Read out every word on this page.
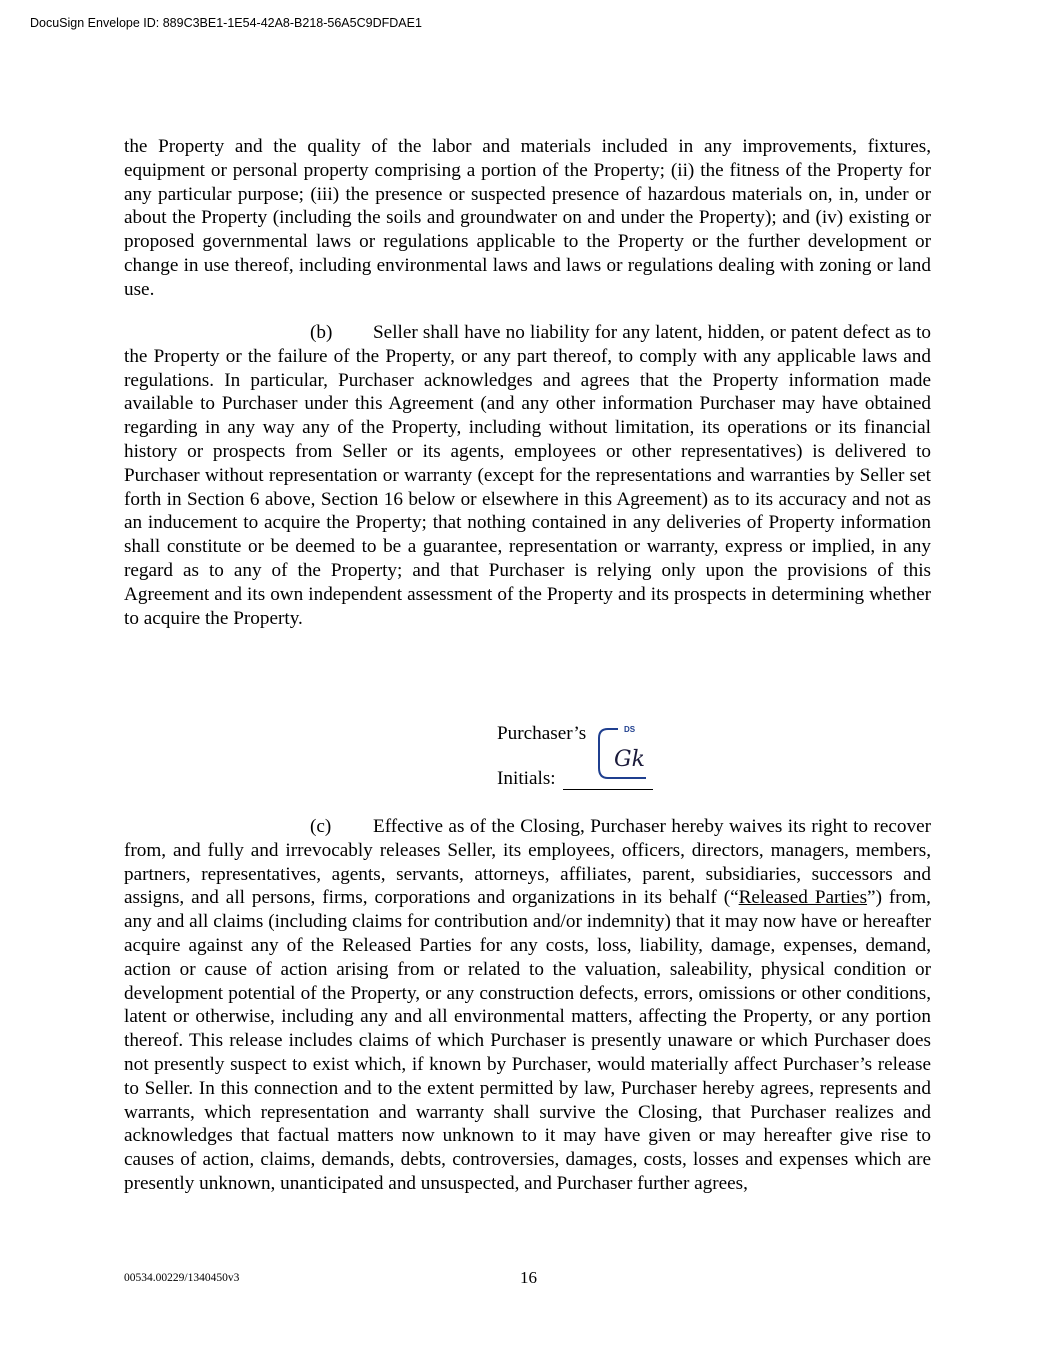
DocuSign Envelope ID: 889C3BE1-1E54-42A8-B218-56A5C9DFDAE1

the Property and the quality of the labor and materials included in any improvements, fixtures, equipment or personal property comprising a portion of the Property; (ii) the fitness of the Property for any particular purpose; (iii) the presence or suspected presence of hazardous materials on, in, under or about the Property (including the soils and groundwater on and under the Property); and (iv) existing or proposed governmental laws or regulations applicable to the Property or the further development or change in use thereof, including environmental laws and laws or regulations dealing with zoning or land use.

(b) Seller shall have no liability for any latent, hidden, or patent defect as to the Property or the failure of the Property, or any part thereof, to comply with any applicable laws and regulations. In particular, Purchaser acknowledges and agrees that the Property information made available to Purchaser under this Agreement (and any other information Purchaser may have obtained regarding in any way any of the Property, including without limitation, its operations or its financial history or prospects from Seller or its agents, employees or other representatives) is delivered to Purchaser without representation or warranty (except for the representations and warranties by Seller set forth in Section 6 above, Section 16 below or elsewhere in this Agreement) as to its accuracy and not as an inducement to acquire the Property; that nothing contained in any deliveries of Property information shall constitute or be deemed to be a guarantee, representation or warranty, express or implied, in any regard as to any of the Property; and that Purchaser is relying only upon the provisions of this Agreement and its own independent assessment of the Property and its prospects in determining whether to acquire the Property.

Purchaser’s
Initials:
DS
Gk

(c) Effective as of the Closing, Purchaser hereby waives its right to recover from, and fully and irrevocably releases Seller, its employees, officers, directors, managers, members, partners, representatives, agents, servants, attorneys, affiliates, parent, subsidiaries, successors and assigns, and all persons, firms, corporations and organizations in its behalf (“Released Parties”) from, any and all claims (including claims for contribution and/or indemnity) that it may now have or hereafter acquire against any of the Released Parties for any costs, loss, liability, damage, expenses, demand, action or cause of action arising from or related to the valuation, saleability, physical condition or development potential of the Property, or any construction defects, errors, omissions or other conditions, latent or otherwise, including any and all environmental matters, affecting the Property, or any portion thereof. This release includes claims of which Purchaser is presently unaware or which Purchaser does not presently suspect to exist which, if known by Purchaser, would materially affect Purchaser’s release to Seller. In this connection and to the extent permitted by law, Purchaser hereby agrees, represents and warrants, which representation and warranty shall survive the Closing, that Purchaser realizes and acknowledges that factual matters now unknown to it may have given or may hereafter give rise to causes of action, claims, demands, debts, controversies, damages, costs, losses and expenses which are presently unknown, unanticipated and unsuspected, and Purchaser further agrees,

00534.00229/1340450v3	16
